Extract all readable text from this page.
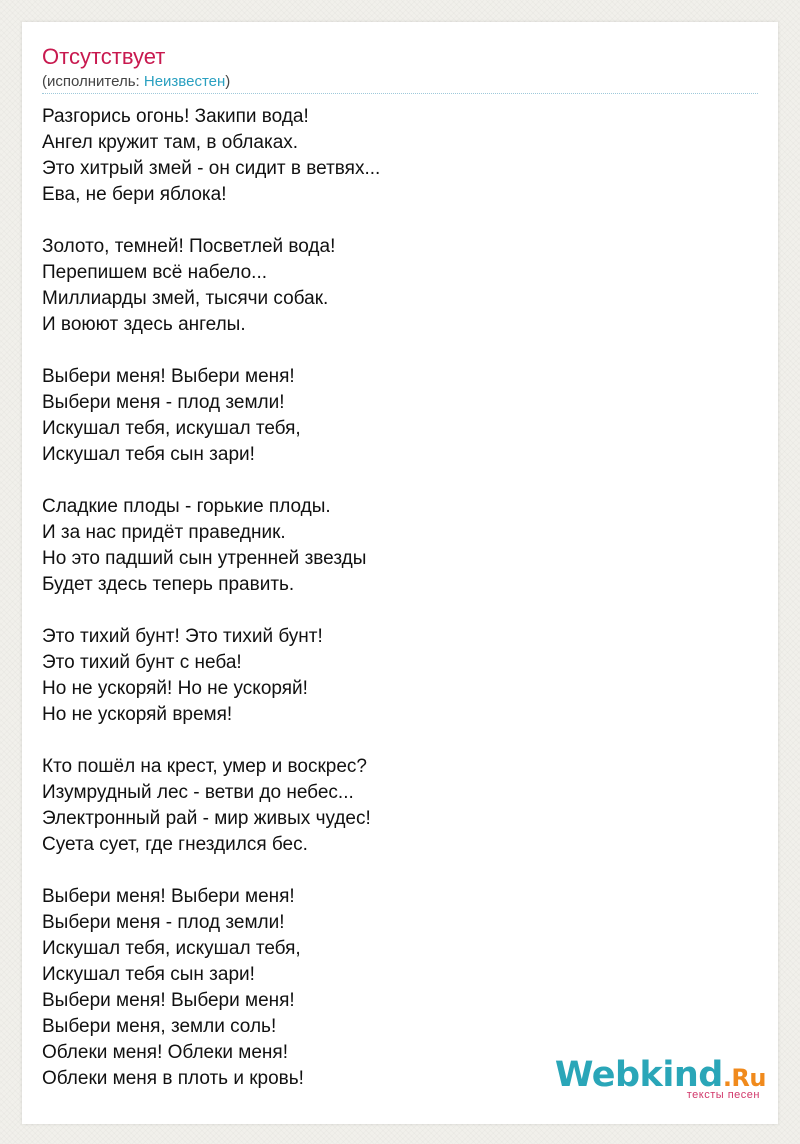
Отсутствует
(исполнитель: Неизвестен)
Разгорись огонь! Закипи вода!
Ангел кружит там, в облаках.
Это хитрый змей - он сидит в ветвях...
Ева, не бери яблока!
Золото, темней! Посветлей вода!
Перепишем всё набело...
Миллиарды змей, тысячи собак.
И воюют здесь ангелы.
Выбери меня! Выбери меня!
Выбери меня - плод земли!
Искушал тебя, искушал тебя,
Искушал тебя сын зари!
Сладкие плоды - горькие плоды.
И за нас придёт праведник.
Но это падший сын утренней звезды
Будет здесь теперь править.
Это тихий бунт! Это тихий бунт!
Это тихий бунт с неба!
Но не ускоряй! Но не ускоряй!
Но не ускоряй время!
Кто пошёл на крест, умер и воскрес?
Изумрудный лес - ветви до небес...
Электронный рай - мир живых чудес!
Суета сует, где гнездился бес.
Выбери меня! Выбери меня!
Выбери меня - плод земли!
Искушал тебя, искушал тебя,
Искушал тебя сын зари!
Выбери меня! Выбери меня!
Выбери меня, земли соль!
Облеки меня! Облеки меня!
Облеки меня в плоть и кровь!	Webkind.Ru
тексты песен
